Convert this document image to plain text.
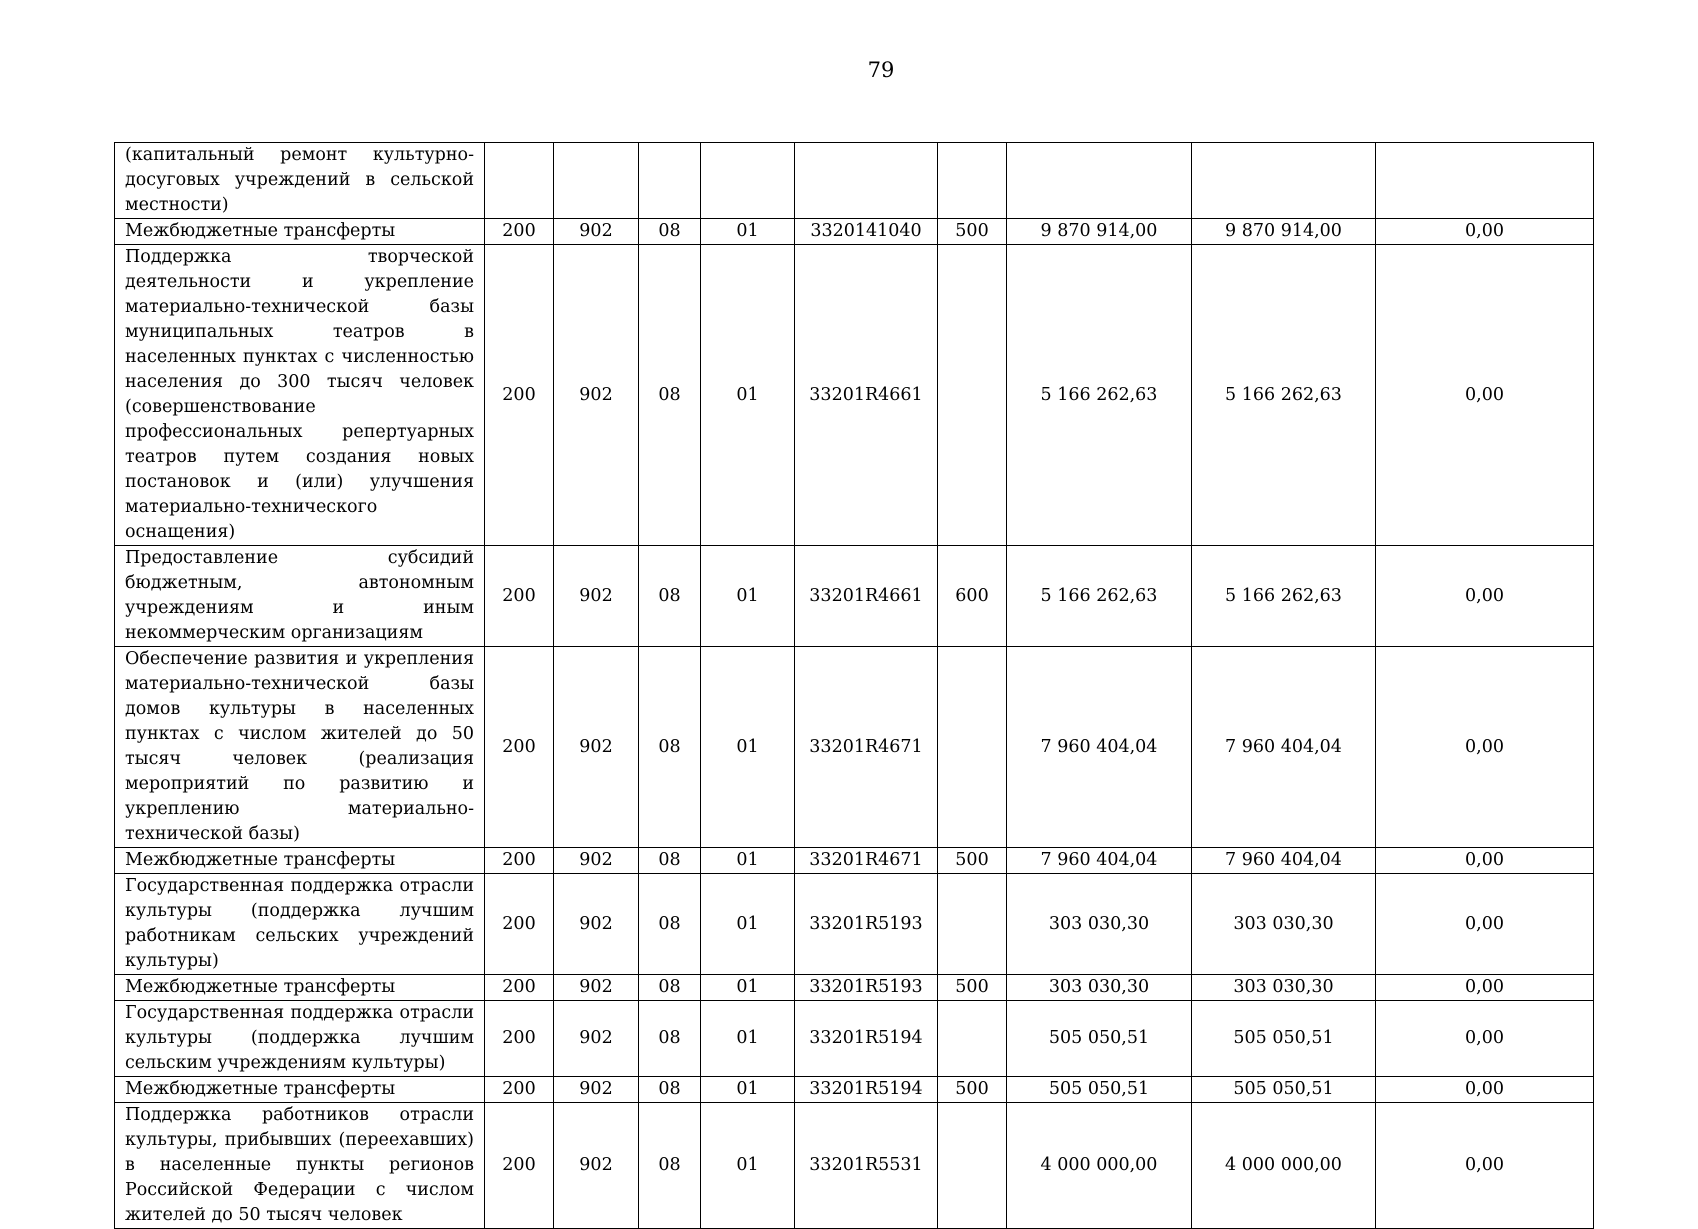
79
(капитальный ремонт культурно-досуговых учреждений в сельской местности)									
Межбюджетные трансферты	200	902	08	01	3320141040	500	9 870 914,00	9 870 914,00	0,00
Поддержка творческой деятельности и укрепление материально-технической базы муниципальных театров в населенных пунктах с численностью населения до 300 тысяч человек (совершенствование профессиональных репертуарных театров путем создания новых постановок и (или) улучшения материально-технического оснащения)	200	902	08	01	33201R4661		5 166 262,63	5 166 262,63	0,00
Предоставление субсидий бюджетным, автономным учреждениям и иным некоммерческим организациям	200	902	08	01	33201R4661	600	5 166 262,63	5 166 262,63	0,00
Обеспечение развития и укрепления материально-технической базы домов культуры в населенных пунктах с числом жителей до 50 тысяч человек (реализация мероприятий по развитию и укреплению материально-технической базы)	200	902	08	01	33201R4671		7 960 404,04	7 960 404,04	0,00
Межбюджетные трансферты	200	902	08	01	33201R4671	500	7 960 404,04	7 960 404,04	0,00
Государственная поддержка отрасли культуры (поддержка лучшим работникам сельских учреждений культуры)	200	902	08	01	33201R5193		303 030,30	303 030,30	0,00
Межбюджетные трансферты	200	902	08	01	33201R5193	500	303 030,30	303 030,30	0,00
Государственная поддержка отрасли культуры (поддержка лучшим сельским учреждениям культуры)	200	902	08	01	33201R5194		505 050,51	505 050,51	0,00
Межбюджетные трансферты	200	902	08	01	33201R5194	500	505 050,51	505 050,51	0,00
Поддержка работников отрасли культуры, прибывших (переехавших) в населенные пункты регионов Российской Федерации с числом жителей до 50 тысяч человек	200	902	08	01	33201R5531		4 000 000,00	4 000 000,00	0,00
